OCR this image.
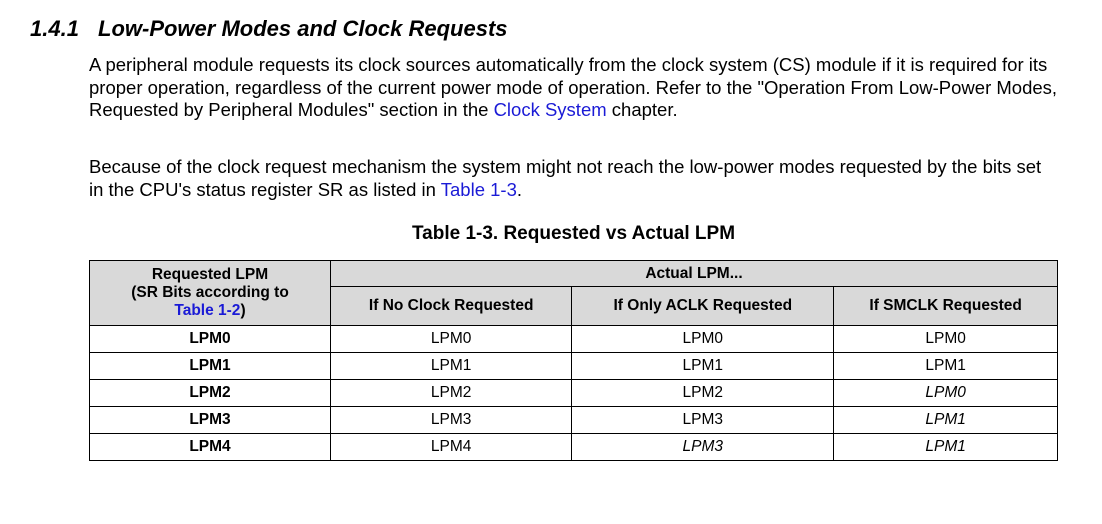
1.4.1 Low-Power Modes and Clock Requests
A peripheral module requests its clock sources automatically from the clock system (CS) module if it is required for its proper operation, regardless of the current power mode of operation. Refer to the "Operation From Low-Power Modes, Requested by Peripheral Modules" section in the Clock System chapter.
Because of the clock request mechanism the system might not reach the low-power modes requested by the bits set in the CPU's status register SR as listed in Table 1-3.
Table 1-3. Requested vs Actual LPM
Requested LPM
(SR Bits according to
Table 1-2)	Actual LPM...		
	If No Clock Requested	If Only ACLK Requested	If SMCLK Requested
LPM0	LPM0	LPM0	LPM0
LPM1	LPM1	LPM1	LPM1
LPM2	LPM2	LPM2	LPM0
LPM3	LPM3	LPM3	LPM1
LPM4	LPM4	LPM3	LPM1
